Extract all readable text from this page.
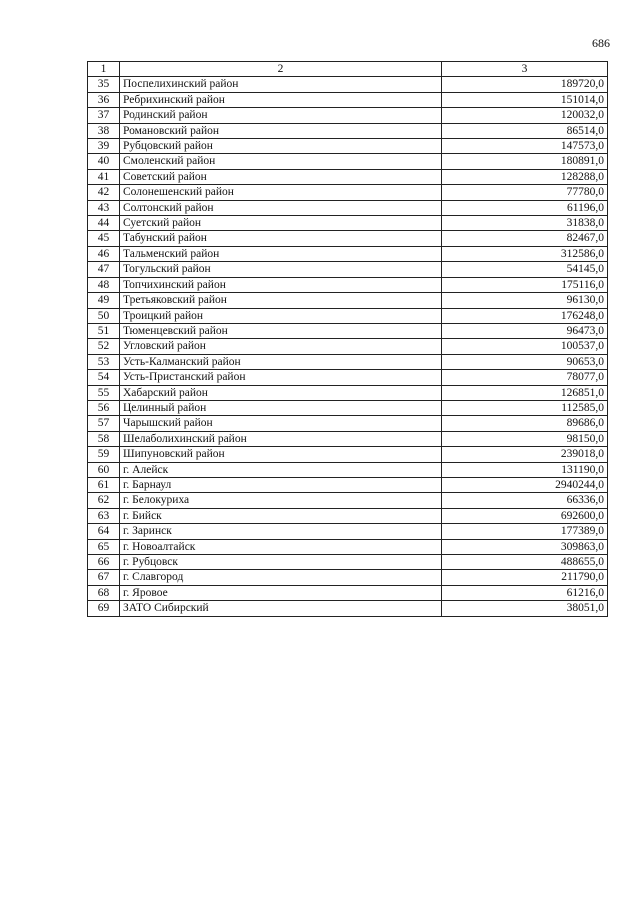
686
1	2	3
35	Поспелихинский район	189720,0
36	Ребрихинский район	151014,0
37	Родинский район	120032,0
38	Романовский район	86514,0
39	Рубцовский район	147573,0
40	Смоленский район	180891,0
41	Советский район	128288,0
42	Солонешенский район	77780,0
43	Солтонский район	61196,0
44	Суетский район	31838,0
45	Табунский район	82467,0
46	Тальменский район	312586,0
47	Тогульский район	54145,0
48	Топчихинский район	175116,0
49	Третьяковский район	96130,0
50	Троицкий район	176248,0
51	Тюменцевский район	96473,0
52	Угловский район	100537,0
53	Усть-Калманский район	90653,0
54	Усть-Пристанский район	78077,0
55	Хабарский район	126851,0
56	Целинный район	112585,0
57	Чарышский район	89686,0
58	Шелаболихинский район	98150,0
59	Шипуновский район	239018,0
60	г. Алейск	131190,0
61	г. Барнаул	2940244,0
62	г. Белокуриха	66336,0
63	г. Бийск	692600,0
64	г. Заринск	177389,0
65	г. Новоалтайск	309863,0
66	г. Рубцовск	488655,0
67	г. Славгород	211790,0
68	г. Яровое	61216,0
69	ЗАТО Сибирский	38051,0
